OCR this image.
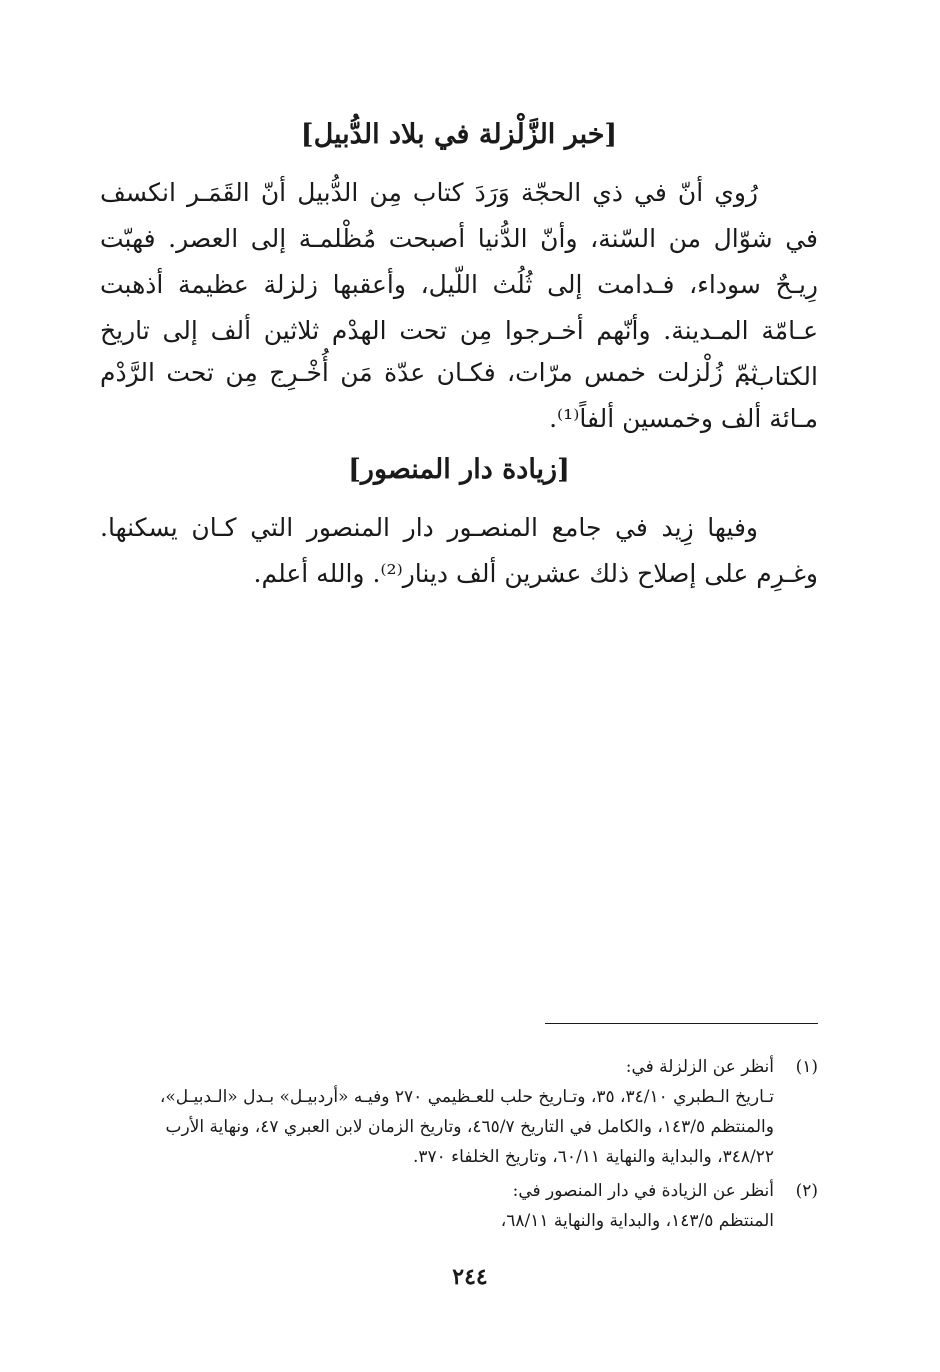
[خبر الزَّلْزلة في بلاد الدُّبيل]

رُوي أنّ في ذي الحجّة وَرَدَ كتاب مِن الدُّبيل أنّ القَمَـر انكسف في شوّال من السّنة، وأنّ الدُّنيا أصبحت مُظْلمـة إلى العصر. فهبّت رِيـحٌ سوداء، فـدامت إلى ثُلُث اللّيل، وأعقبها زلزلة عظيمة أذهبت عـامّة المـدينة. وأنّهم أخـرجوا مِن تحت الهدْم ثلاثين ألف إلى تاريخ الكتاب.

ثمّ زُلْزلت خمس مرّات، فكـان عدّة مَن أُخْـرِج مِن تحت الرَّدْم مـائة ألف وخمسين ألفاً⁽¹⁾.

[زيادة دار المنصور]

وفيها زِيد في جامع المنصـور دار المنصور التي كـان يسكنها. وغـرِم على إصلاح ذلك عشرين ألف دينار⁽²⁾. والله أعلم.

(١)
أنظر عن الزلزلة في:
تـاريخ الـطبري ٣٤/١٠، ٣٥، وتـاريخ حلب للعـظيمي ٢٧٠ وفيـه «أردبيـل» بـدل «الـدبيـل»،
والمنتظم ١٤٣/٥، والكامل في التاريخ ٤٦٥/٧، وتاريخ الزمان لابن العبري ٤٧، ونهاية الأرب
٣٤٨/٢٢، والبداية والنهاية ٦٠/١١، وتاريخ الخلفاء ٣٧٠.
(٢)
أنظر عن الزيادة في دار المنصور في:
المنتظم ١٤٣/٥، والبداية والنهاية ٦٨/١١،
٢٤٤
